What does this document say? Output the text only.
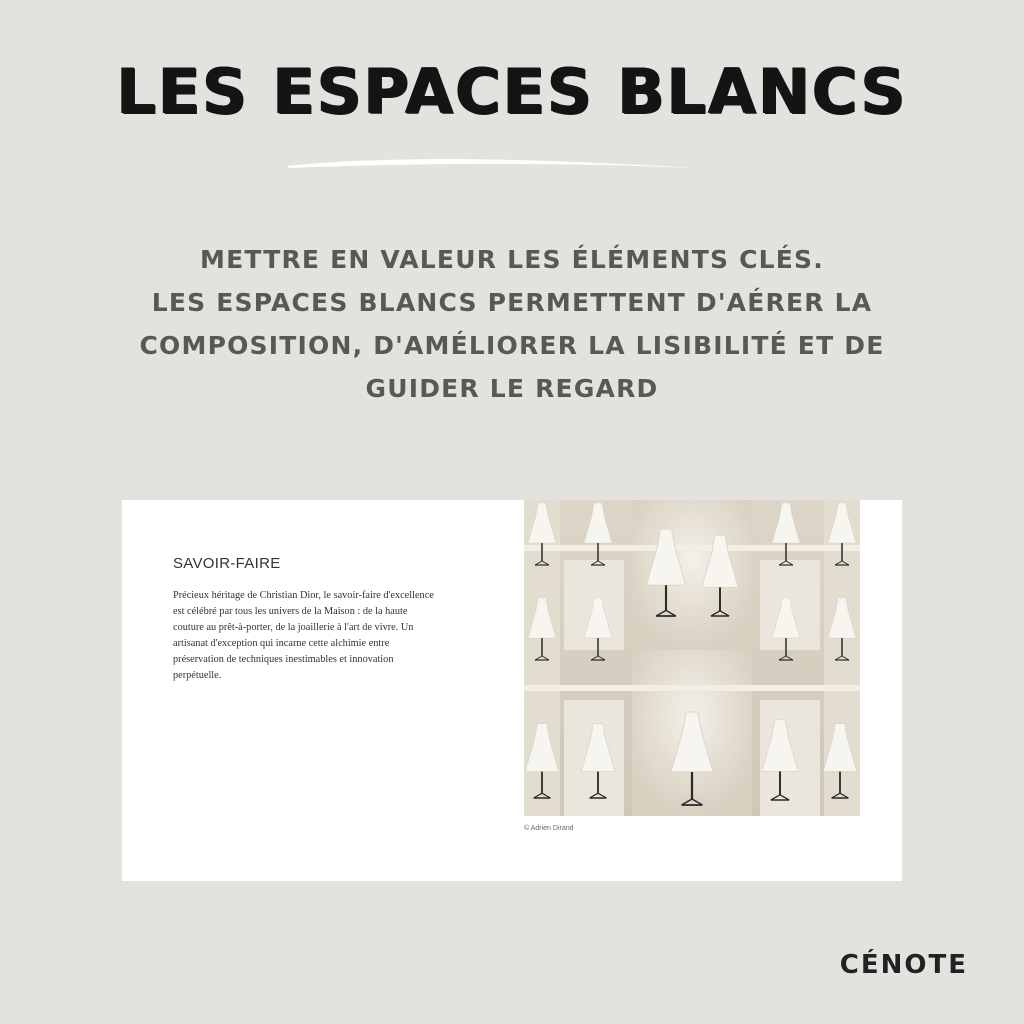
LES ESPACES BLANCS
METTRE EN VALEUR LES ÉLÉMENTS CLÉS.
LES ESPACES BLANCS PERMETTENT D'AÉRER LA
COMPOSITION, D'AMÉLIORER LA LISIBILITÉ ET DE
GUIDER LE REGARD
SAVOIR-FAIRE
Précieux héritage de Christian Dior, le savoir-faire d'excellence
est célébré par tous les univers de la Maison : de la haute
couture au prêt-à-porter, de la joaillerie à l'art de vivre. Un
artisanat d'exception qui incarne cette alchimie entre
préservation de techniques inestimables et innovation
perpétuelle.
© Adrien Dirand
CÉNOTE
